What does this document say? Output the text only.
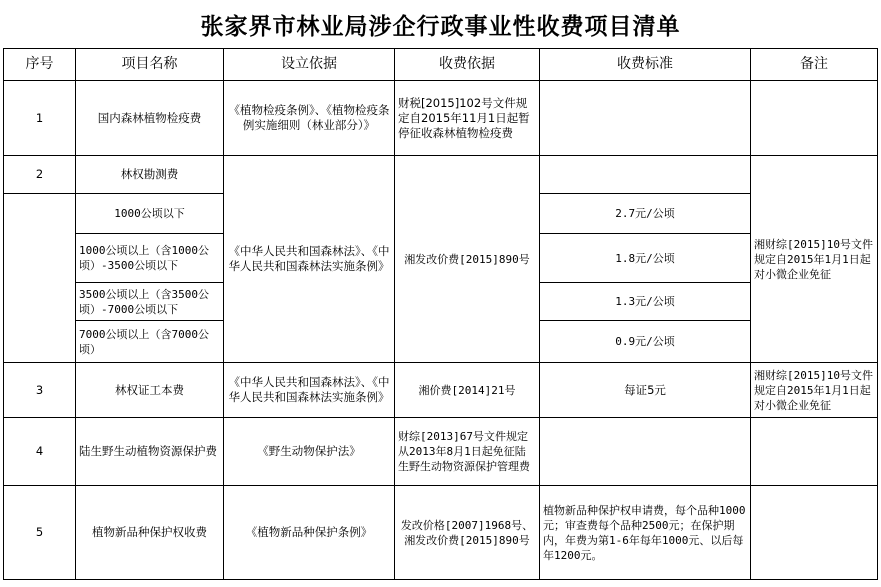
张家界市林业局涉企行政事业性收费项目清单
序号	项目名称	设立依据	收费依据	收费标准	备注
1	国内森林植物检疫费	《植物检疫条例》、《植物检疫条例实施细则（林业部分）》	财税[2015]102号文件规定自2015年11月1日起暂停征收森林植物检疫费		
2	林权勘测费	《中华人民共和国森林法》、《中华人民共和国森林法实施条例》	湘发改价费[2015]890号		湘财综[2015]10号文件规定自2015年1月1日起对小微企业免征
	1000公顷以下			2.7元/公顷	
	1000公顷以上（含1000公顷）-3500公顷以下			1.8元/公顷	
	3500公顷以上（含3500公顷）-7000公顷以下			1.3元/公顷	
	7000公顷以上（含7000公顷）			0.9元/公顷	
3	林权证工本费	《中华人民共和国森林法》、《中华人民共和国森林法实施条例》	湘价费[2014]21号	每证5元	湘财综[2015]10号文件规定自2015年1月1日起对小微企业免征
4	陆生野生动植物资源保护费	《野生动物保护法》	财综[2013]67号文件规定从2013年8月1日起免征陆生野生动物资源保护管理费		
5	植物新品种保护权收费	《植物新品种保护条例》	发改价格[2007]1968号、湘发改价费[2015]890号	植物新品种保护权申请费，每个品种1000元；审查费每个品种2500元；在保护期内，年费为第1-6年每年1000元、以后每年1200元。	
